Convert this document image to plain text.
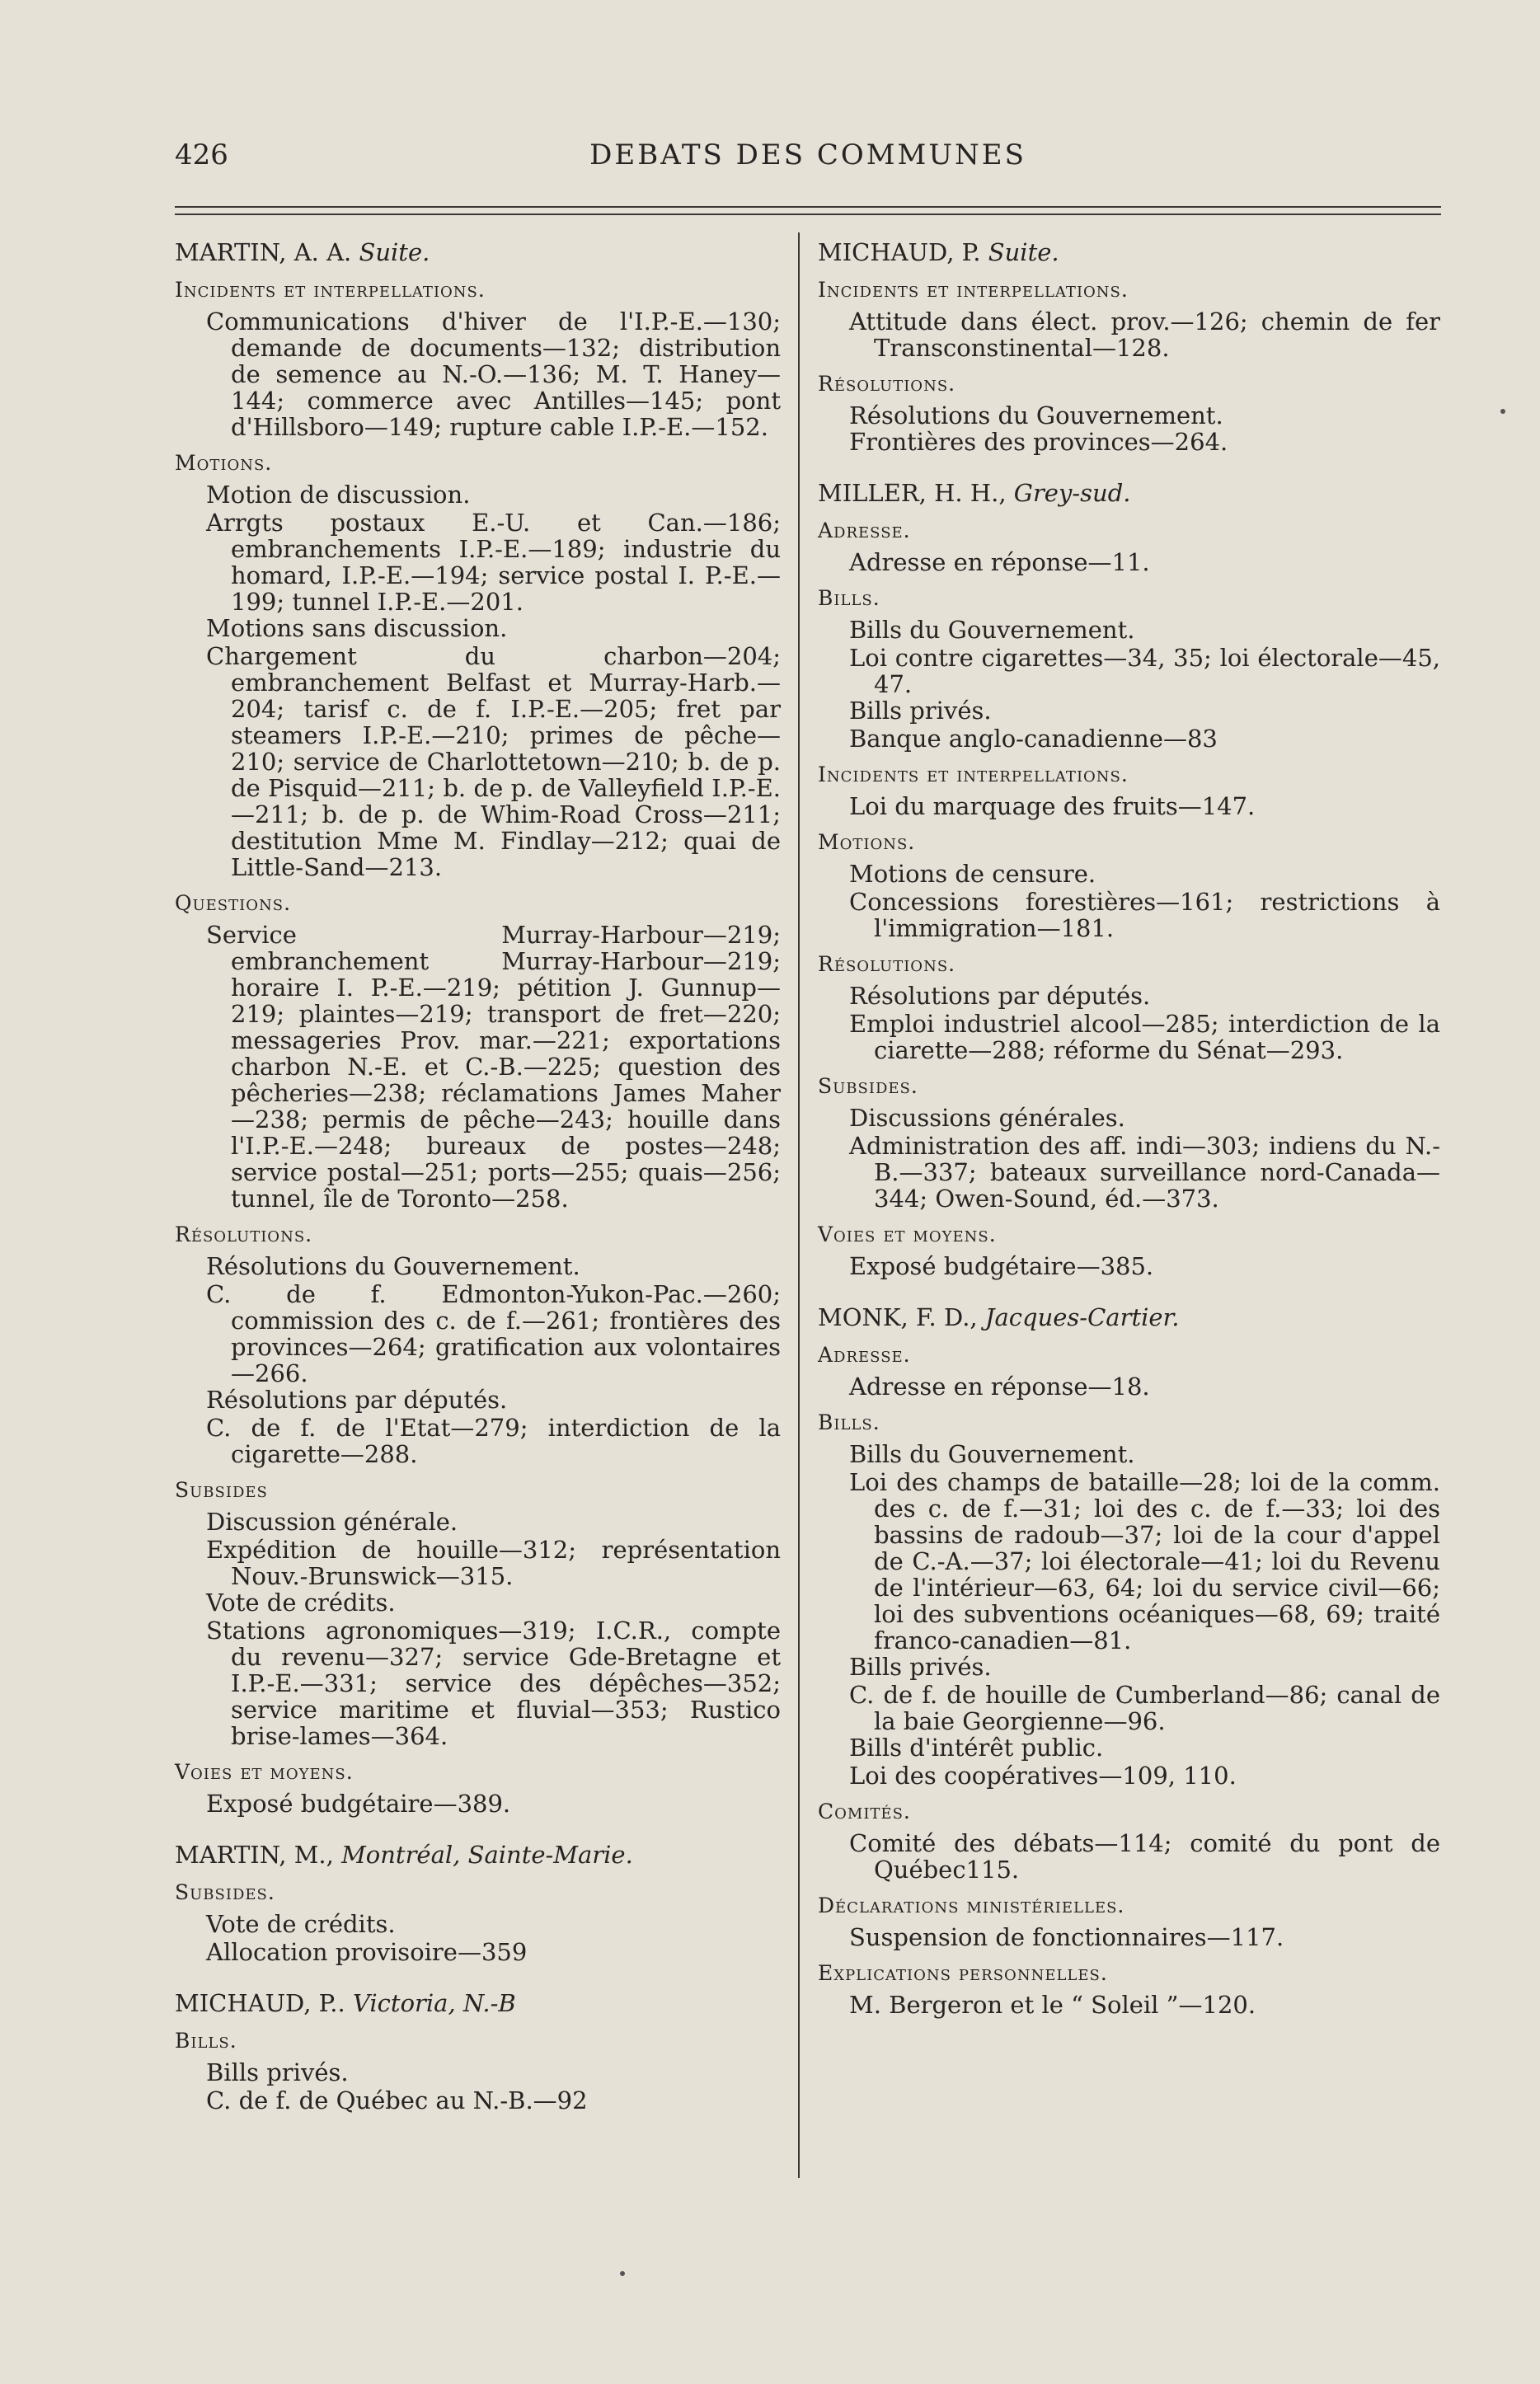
426	DEBATS DES COMMUNES
MARTIN, A. A. Suite.
Incidents et interpellations.
Communications d'hiver de l'I.P.-E.—130; demande de documents—132; distribution de semence au N.-O.—136; M. T. Haney—144; commerce avec Antilles—145; pont d'Hillsboro—149; rupture cable I.P.-E.—152.
Motions.
Motion de discussion.
Arrgts postaux E.-U. et Can.—186; embranchements I.P.-E.—189; industrie du homard, I.P.-E.—194; service postal I. P.-E.—199; tunnel I.P.-E.—201.
Motions sans discussion.
Chargement du charbon—204; embranchement Belfast et Murray-Harb.—204; tarisf c. de f. I.P.-E.—205; fret par steamers I.P.-E.—210; primes de pêche—210; service de Charlottetown—210; b. de p. de Pisquid—211; b. de p. de Valleyfield I.P.-E.—211; b. de p. de Whim-Road Cross—211; destitution Mme M. Findlay—212; quai de Little-Sand—213.
Questions.
Service Murray-Harbour—219; embranchement Murray-Harbour—219; horaire I. P.-E.—219; pétition J. Gunnup—219; plaintes—219; transport de fret—220; messageries Prov. mar.—221; exportations charbon N.-E. et C.-B.—225; question des pêcheries—238; réclamations James Maher—238; permis de pêche—243; houille dans l'I.P.-E.—248; bureaux de postes—248; service postal—251; ports—255; quais—256; tunnel, île de Toronto—258.
Résolutions.
Résolutions du Gouvernement.
C. de f. Edmonton-Yukon-Pac.—260; commission des c. de f.—261; frontières des provinces—264; gratification aux volontaires—266.
Résolutions par députés.
C. de f. de l'Etat—279; interdiction de la cigarette—288.
Subsides
Discussion générale.
Expédition de houille—312; représentation Nouv.-Brunswick—315.
Vote de crédits.
Stations agronomiques—319; I.C.R., compte du revenu—327; service Gde-Bretagne et I.P.-E.—331; service des dépêches—352; service maritime et fluvial—353; Rustico brise-lames—364.
Voies et moyens.
Exposé budgétaire—389.
MARTIN, M., Montréal, Sainte-Marie.
Subsides.
Vote de crédits.
Allocation provisoire—359
MICHAUD, P.. Victoria, N.-B
Bills.
Bills privés.
C. de f. de Québec au N.-B.—92
MICHAUD, P. Suite.
Incidents et interpellations.
Attitude dans élect. prov.—126; chemin de fer Transconstinental—128.
Résolutions.
Résolutions du Gouvernement.
Frontières des provinces—264.
MILLER, H. H., Grey-sud.
Adresse.
Adresse en réponse—11.
Bills.
Bills du Gouvernement.
Loi contre cigarettes—34, 35; loi électorale—45, 47.
Bills privés.
Banque anglo-canadienne—83
Incidents et interpellations.
Loi du marquage des fruits—147.
Motions.
Motions de censure.
Concessions forestières—161; restrictions à l'immigration—181.
Résolutions.
Résolutions par députés.
Emploi industriel alcool—285; interdiction de la ciarette—288; réforme du Sénat—293.
Subsides.
Discussions générales.
Administration des aff. indi—303; indiens du N.-B.—337; bateaux surveillance nord-Canada—344; Owen-Sound, éd.—373.
Voies et moyens.
Exposé budgétaire—385.
MONK, F. D., Jacques-Cartier.
Adresse.
Adresse en réponse—18.
Bills.
Bills du Gouvernement.
Loi des champs de bataille—28; loi de la comm. des c. de f.—31; loi des c. de f.—33; loi des bassins de radoub—37; loi de la cour d'appel de C.-A.—37; loi électorale—41; loi du Revenu de l'intérieur—63, 64; loi du service civil—66; loi des subventions océaniques—68, 69; traité franco-canadien—81.
Bills privés.
C. de f. de houille de Cumberland—86; canal de la baie Georgienne—96.
Bills d'intérêt public.
Loi des coopératives—109, 110.
Comités.
Comité des débats—114; comité du pont de Québec115.
Déclarations ministérielles.
Suspension de fonctionnaires—117.
Explications personnelles.
M. Bergeron et le “ Soleil ”—120.
